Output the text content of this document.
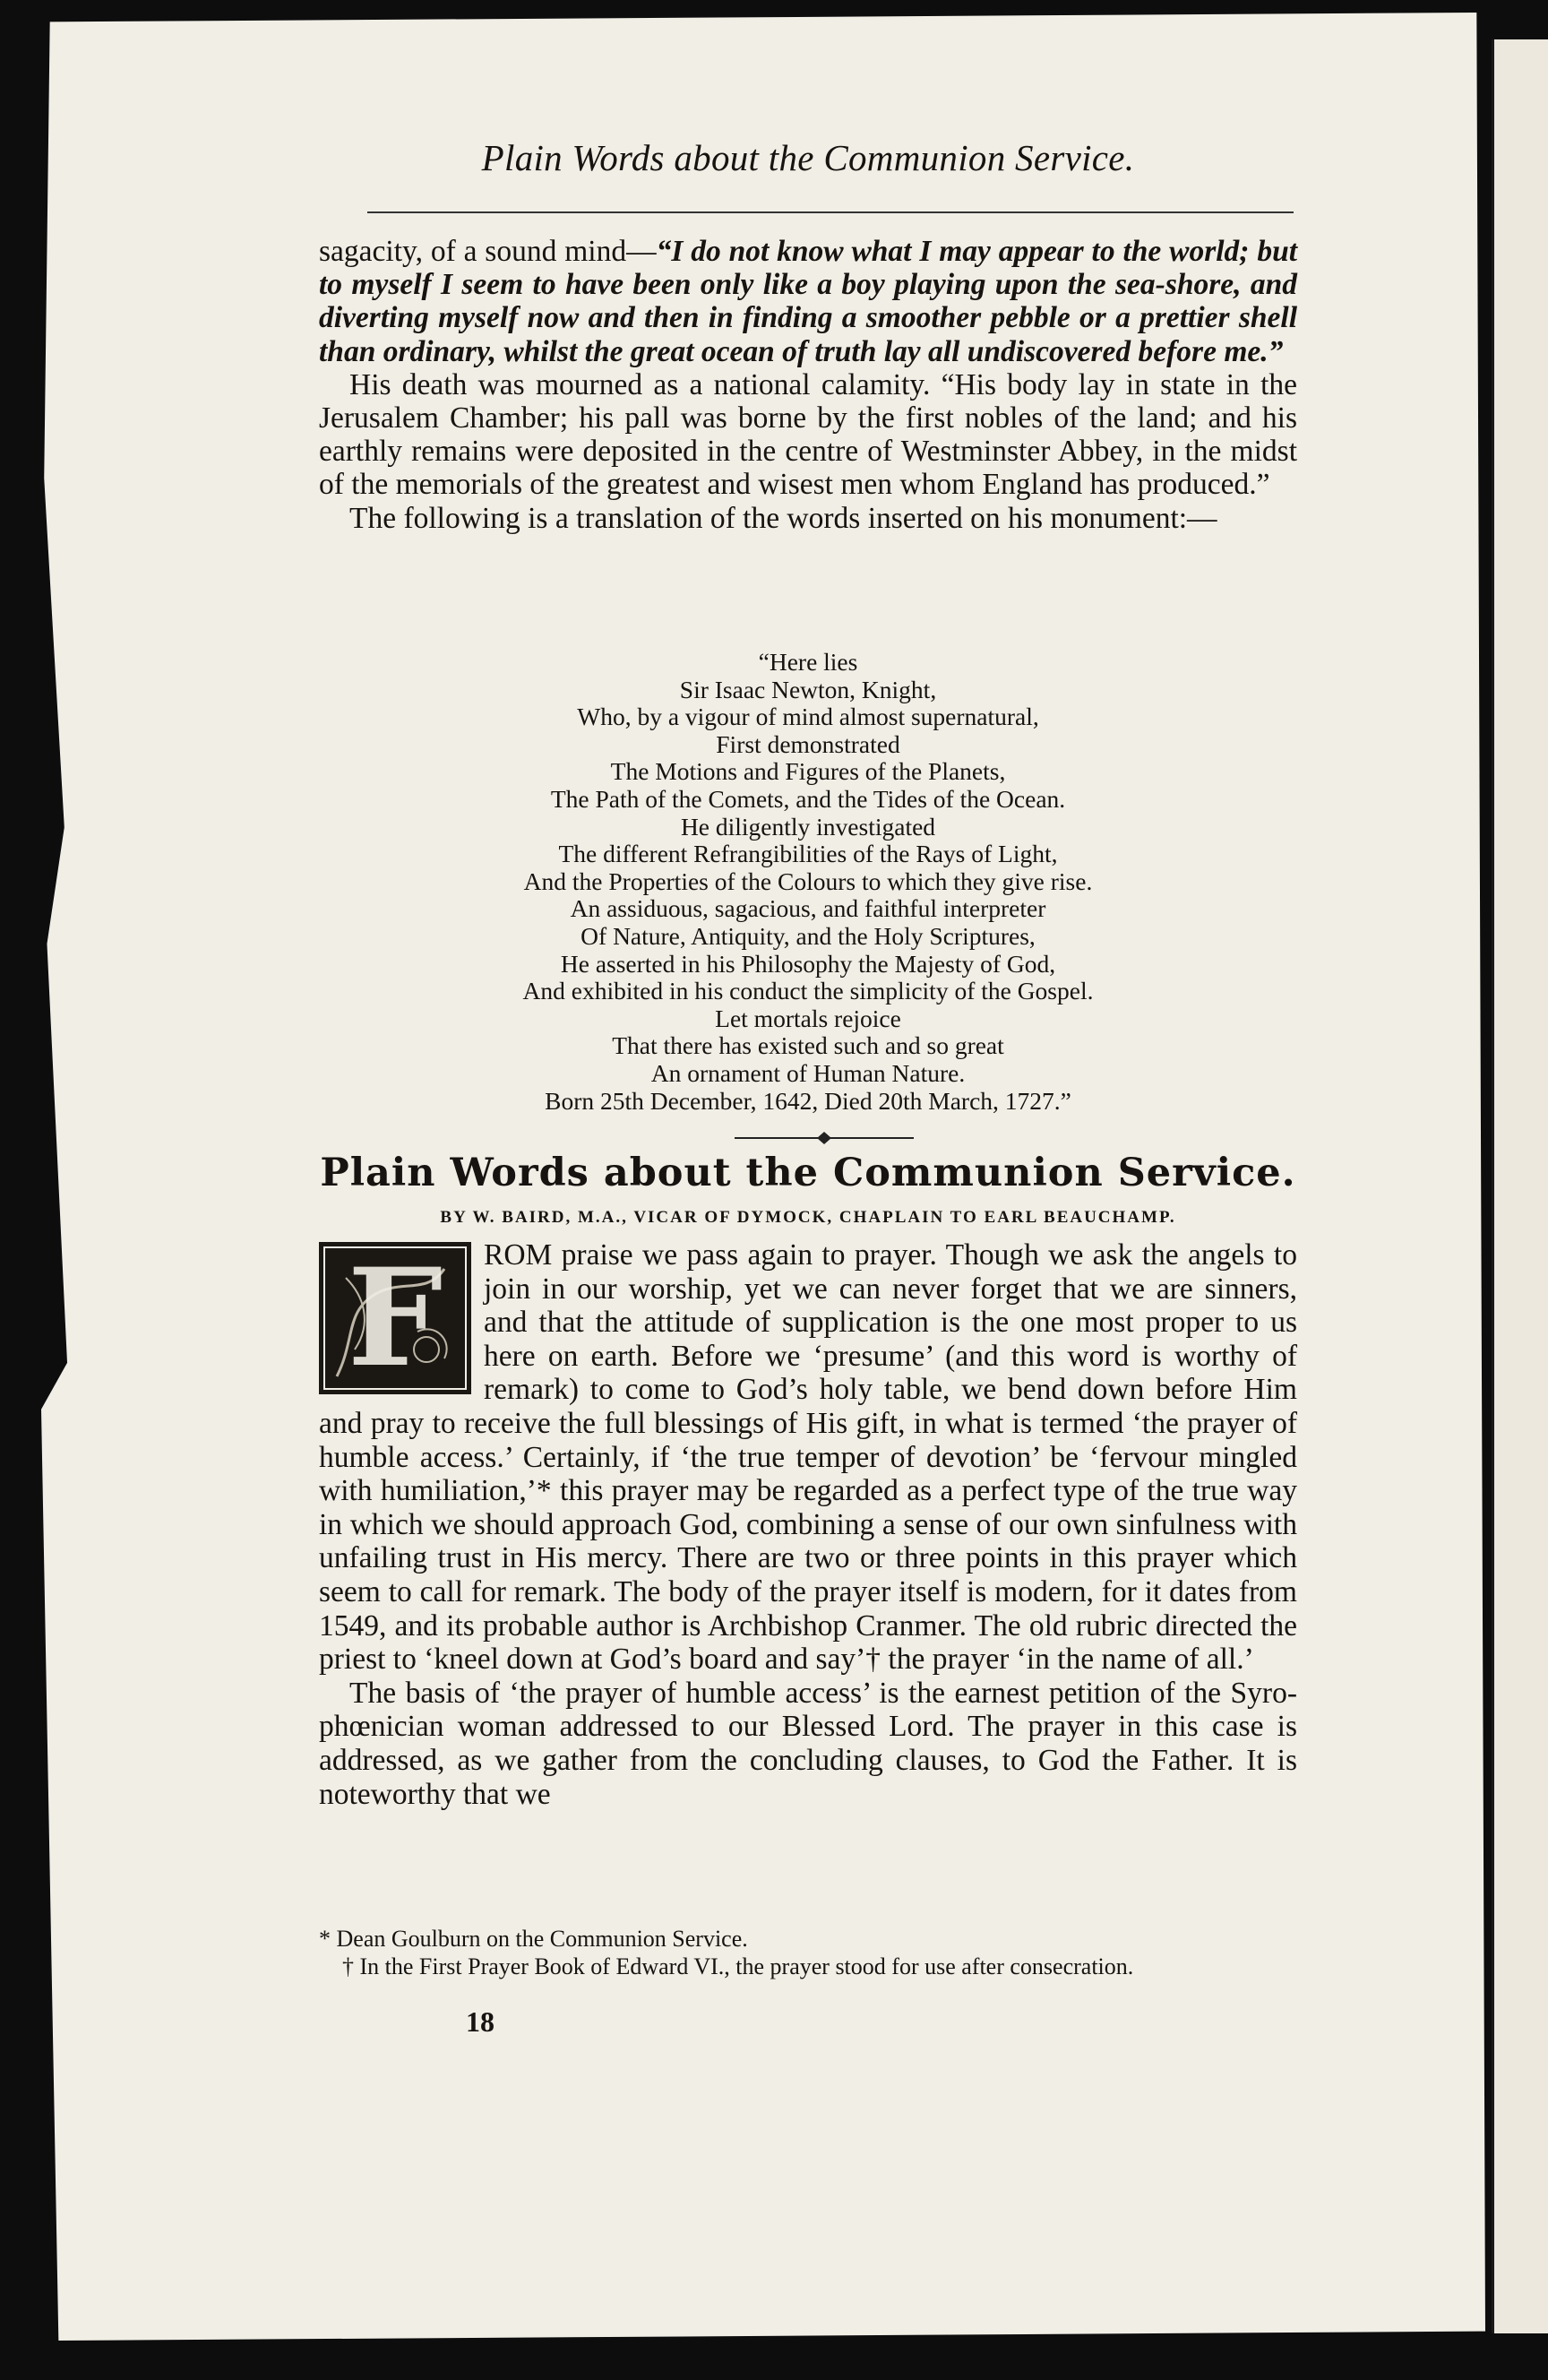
Plain Words about the Communion Service.

sagacity, of a sound mind—“I do not know what I may appear to the world; but to myself I seem to have been only like a boy playing upon the sea-shore, and diverting myself now and then in finding a smoother pebble or a prettier shell than ordinary, whilst the great ocean of truth lay all undiscovered before me.”

His death was mourned as a national calamity. “His body lay in state in the Jerusalem Chamber; his pall was borne by the first nobles of the land; and his earthly remains were deposited in the centre of Westminster Abbey, in the midst of the memorials of the greatest and wisest men whom England has produced.”

The following is a translation of the words inserted on his monument:—

“Here lies
Sir Isaac Newton, Knight,
Who, by a vigour of mind almost supernatural,
First demonstrated
The Motions and Figures of the Planets,
The Path of the Comets, and the Tides of the Ocean.
He diligently investigated
The different Refrangibilities of the Rays of Light,
And the Properties of the Colours to which they give rise.
An assiduous, sagacious, and faithful interpreter
Of Nature, Antiquity, and the Holy Scriptures,
He asserted in his Philosophy the Majesty of God,
And exhibited in his conduct the simplicity of the Gospel.
Let mortals rejoice
That there has existed such and so great
An ornament of Human Nature.
Born 25th December, 1642, Died 20th March, 1727.”
Plain Words about the Communion Service.
BY W. BAIRD, M.A., VICAR OF DYMOCK, CHAPLAIN TO EARL BEAUCHAMP.
F	ROM praise we pass again to prayer. Though we ask the angels to join in our worship, yet we can never forget that we are sinners, and that the attitude of supplication is the one most proper to us here on earth. Before we ‘presume’ (and this word is worthy of remark) to come to God’s holy table, we bend down before Him and pray to receive the full blessings of His gift, in what is termed ‘the prayer of humble access.’ Certainly, if ‘the true temper of devotion’ be ‘fervour mingled with humiliation,’* this prayer may be regarded as a perfect type of the true way in which we should approach God, combining a sense of our own sinfulness with unfailing trust in His mercy. There are two or three points in this prayer which seem to call for remark. The body of the prayer itself is modern, for it dates from 1549, and its probable author is Archbishop Cranmer. The old rubric directed the priest to ‘kneel down at God’s board and say’† the prayer ‘in the name of all.’

The basis of ‘the prayer of humble access’ is the earnest petition of the Syro-phœnician woman addressed to our Blessed Lord. The prayer in this case is addressed, as we gather from the concluding clauses, to God the Father. It is noteworthy that we

* Dean Goulburn on the Communion Service.
† In the First Prayer Book of Edward VI., the prayer stood for use after consecration.
18
